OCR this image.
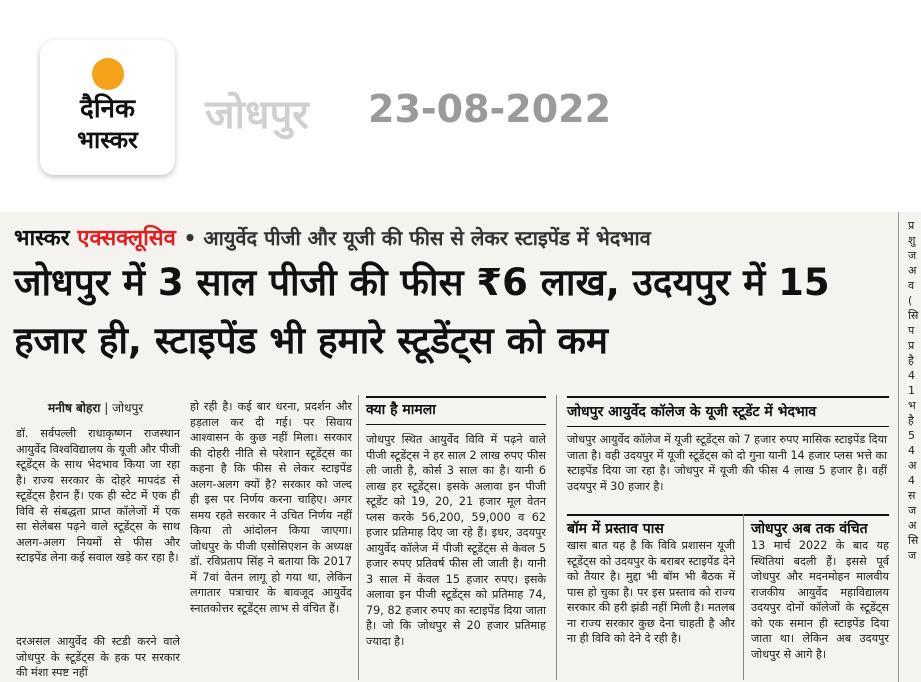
दैनिक
भास्कर
जोधपुर 23-08-2022
प्र शु ज अ व ( सि प प्र है 4 1 भ है 5 4 अ 4 स ज अ सि ज
भास्कर एक्सक्लूसिव • आयुर्वेद पीजी और यूजी की फीस से लेकर स्टाइपेंड में भेदभाव
जोधपुर में 3 साल पीजी की फीस ₹6 लाख, उदयपुर में 15 हजार ही, स्टाइपेंड भी हमारे स्टूडेंट्स को कम
मनीष बोहरा | जोधपुर
डॉ. सर्वपल्ली राधाकृष्णन राजस्थान आयुर्वेद विश्वविद्यालय के यूजी और पीजी स्टूडेंट्स के साथ भेदभाव किया जा रहा है। राज्य सरकार के दोहरे मापदंड से स्टूडेंट्स हैरान हैं। एक ही स्टेट में एक ही विवि से संबद्धता प्राप्त कॉलेजों में एक सा सेलेबस पढ़ने वाले स्टूडेंट्स के साथ अलग-अलग नियमों से फीस और स्टाइपेंड लेना कई सवाल खड़े कर रहा है।
दरअसल आयुर्वेद की स्टडी करने वाले जोधपुर के स्टूडेंट्स के हक पर सरकार की मंशा स्पष्ट नहीं
हो रही है। कई बार धरना, प्रदर्शन और हड़ताल कर दी गई। पर सिवाय आश्वासन के कुछ नहीं मिला। सरकार की दोहरी नीति से परेशान स्टूडेंट्स का कहना है कि फीस से लेकर स्टाइपेंड अलग-अलग क्यों है? सरकार को जल्द ही इस पर निर्णय करना चाहिए। अगर समय रहते सरकार ने उचित निर्णय नहीं किया तो आंदोलन किया जाएगा। जोधपुर के पीजी एसोसिएशन के अध्यक्ष डॉ. रविप्रताप सिंह ने बताया कि 2017 में 7वां वेतन लागू हो गया था, लेकिन लगातार पत्राचार के बावजूद आयुर्वेद स्नातकोत्तर स्टूडेंट्स लाभ से वंचित हैं।
क्या है मामला
जोधपुर स्थित आयुर्वेद विवि में पढ़ने वाले पीजी स्टूडेंट्स ने हर साल 2 लाख रुपए फीस ली जाती है, कोर्स 3 साल का है। यानी 6 लाख हर स्टूडेंट्स। इसके अलावा इन पीजी स्टूडेंट को 19, 20, 21 हजार मूल वेतन प्लस करके 56,200, 59,000 व 62 हजार प्रतिमाह दिए जा रहे हैं। इधर, उदयपुर आयुर्वेद कॉलेज में पीजी स्टूडेंट्स से केवल 5 हजार रुपए प्रतिवर्ष फीस ली जाती है। यानी 3 साल में केवल 15 हजार रुपए। इसके अलावा इन पीजी स्टूडेंट्स को प्रतिमाह 74, 79, 82 हजार रुपए का स्टाइपेंड दिया जाता है। जो कि जोधपुर से 20 हजार प्रतिमाह ज्यादा है।
जोधपुर आयुर्वेद कॉलेज के यूजी स्टूडेंट में भेदभाव
जोधपुर आयुर्वेद कॉलेज में यूजी स्टूडेंट्स को 7 हजार रुपए मासिक स्टाइपेंड दिया जाता है। वही उदयपुर में यूजी स्टूडेंट्स को दो गुना यानी 14 हजार प्लस भत्ते का स्टाइपेंड दिया जा रहा है। जोधपुर में यूजी की फीस 4 लाख 5 हजार है। वहीं उदयपुर में 30 हजार है।
बॉम में प्रस्ताव पास
खास बात यह है कि विवि प्रशासन यूजी स्टूडेंट्स को उदयपुर के बराबर स्टाइपेंड देने को तैयार है। मुद्दा भी बॉम भी बैठक में पास हो चुका है। पर इस प्रस्ताव को राज्य सरकार की हरी झंडी नहीं मिली है। मतलब ना राज्य सरकार कुछ देना चाहती है और ना ही विवि को देने दे रही है।
जोधपुर अब तक वंचित
13 मार्च 2022 के बाद यह स्थितियां बदली हैं। इससे पूर्व जोधपुर और मदनमोहन मालवीय राजकीय आयुर्वेद महाविद्यालय उदयपुर दोनों कॉलेजों के स्टूडेंट्स को एक समान ही स्टाइपेंड दिया जाता था। लेकिन अब उदयपुर जोधपुर से आगे है।
